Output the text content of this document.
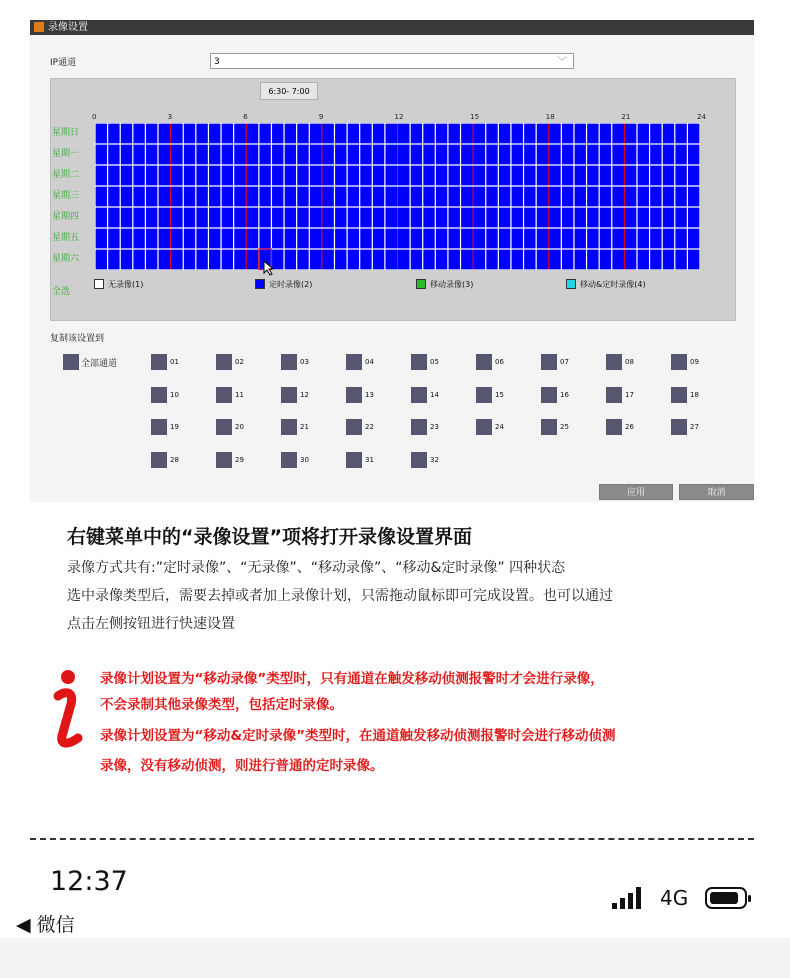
录像设置
IP通道	3	﹀
6:30- 7:00
0	3	6	9	12	15	18	21	24
星期日
星期一
星期二
星期三
星期四
星期五
星期六
全选
无录像(1)	定时录像(2)	移动录像(3)	移动&定时录像(4)
复制该设置到
全部通道	01	02	03	04	05	06	07	08	09
10	11	12	13	14	15	16	17	18
19	20	21	22	23	24	25	26	27
28	29	30	31	32
应用	取消
右键菜单中的“录像设置”项将打开录像设置界面
录像方式共有:”定时录像”、“无录像”、“移动录像”、“移动&定时录像” 四种状态
选中录像类型后，需要去掉或者加上录像计划，只需拖动鼠标即可完成设置。也可以通过
点击左侧按钮进行快速设置
录像计划设置为“移动录像”类型时，只有通道在触发移动侦测报警时才会进行录像，
不会录制其他录像类型，包括定时录像。
录像计划设置为“移动&定时录像”类型时，在通道触发移动侦测报警时会进行移动侦测
录像，没有移动侦测，则进行普通的定时录像。
12:37
◀ 微信
4G
